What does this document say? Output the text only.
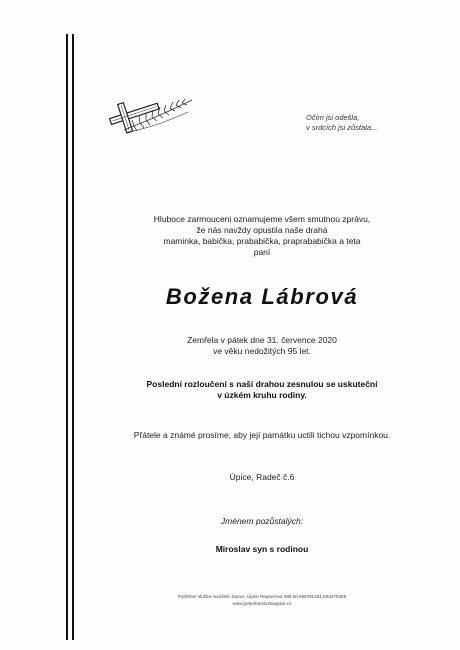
Očím jsi odešla,
v srdcích jsi zůstala...
Hluboce zarmouceni oznamujeme všem smutnou zprávu,
že nás navždy opustila naše drahá
maminka, babička, prababička, praprababička a teta
paní
Božena Lábrová
Zemřela v pátek dne 31. července 2020
ve věku nedožitých 95 let.
Poslední rozloučení s naší drahou zesnulou se uskuteční
v úzkém kruhu rodiny.
Přátele a známé prosíme, aby její památku uctili tichou vzpomínkou.
Úpice, Radeč č.6
Jménem pozůstalých:
Miroslav syn s rodinou
Pohřební služba manželé Janoví, Úpice Regnerova 485 tel:499781331,603470305
www.pohrebnisluzbaupice.cz
